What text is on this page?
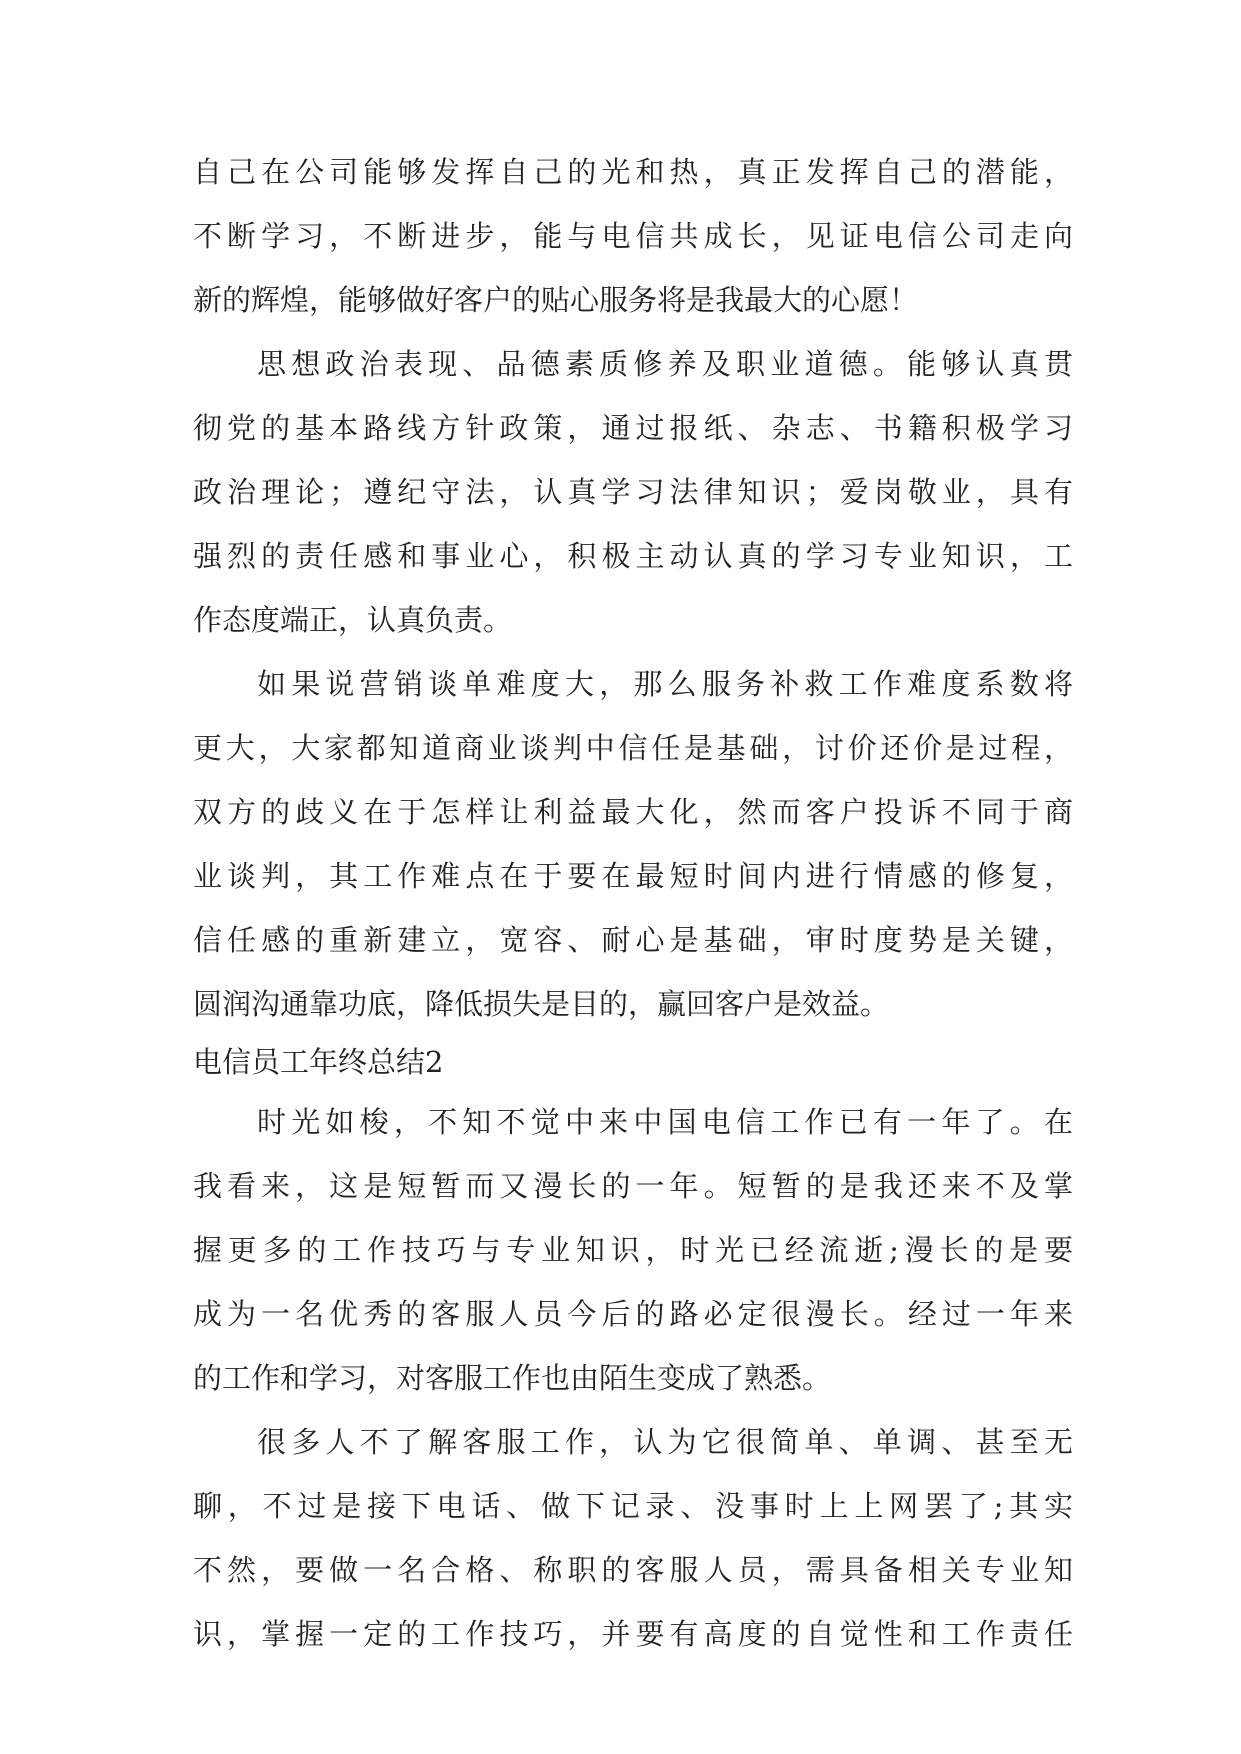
自己在公司能够发挥自己的光和热，真正发挥自己的潜能，
不断学习，不断进步，能与电信共成长，见证电信公司走向
新的辉煌，能够做好客户的贴心服务将是我最大的心愿！
思想政治表现、品德素质修养及职业道德。能够认真贯
彻党的基本路线方针政策，通过报纸、杂志、书籍积极学习
政治理论；遵纪守法，认真学习法律知识；爱岗敬业，具有
强烈的责任感和事业心，积极主动认真的学习专业知识，工
作态度端正，认真负责。
如果说营销谈单难度大，那么服务补救工作难度系数将
更大，大家都知道商业谈判中信任是基础，讨价还价是过程，
双方的歧义在于怎样让利益最大化，然而客户投诉不同于商
业谈判，其工作难点在于要在最短时间内进行情感的修复，
信任感的重新建立，宽容、耐心是基础，审时度势是关键，
圆润沟通靠功底，降低损失是目的，赢回客户是效益。
电信员工年终总结2
时光如梭，不知不觉中来中国电信工作已有一年了。在
我看来，这是短暂而又漫长的一年。短暂的是我还来不及掌
握更多的工作技巧与专业知识，时光已经流逝;漫长的是要
成为一名优秀的客服人员今后的路必定很漫长。经过一年来
的工作和学习，对客服工作也由陌生变成了熟悉。
很多人不了解客服工作，认为它很简单、单调、甚至无
聊，不过是接下电话、做下记录、没事时上上网罢了;其实
不然，要做一名合格、称职的客服人员，需具备相关专业知
识，掌握一定的工作技巧，并要有高度的自觉性和工作责任
